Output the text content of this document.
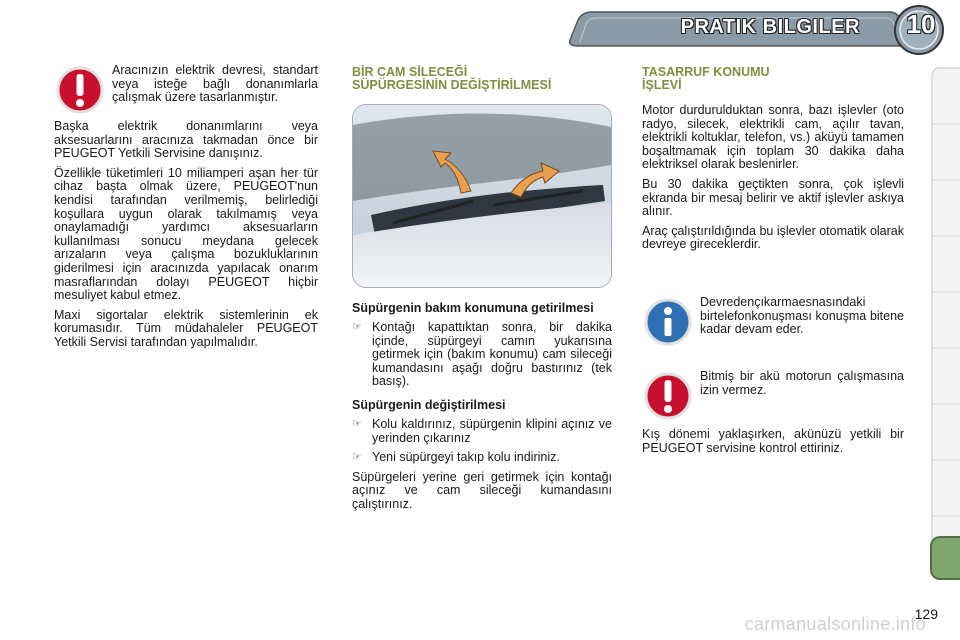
PRATIK BILGILER 10
Aracınızın elektrik devresi, standart veya isteğe bağlı donanımlarla çalışmak üzere tasarlanmıştır.

Başka elektrik donanımlarını veya aksesuarlarını aracınıza takmadan önce bir PEUGEOT Yetkili Servisine danışınız.

Özellikle tüketimleri 10 miliamperi aşan her tür cihaz başta olmak üzere, PEUGEOT'nun kendisi tarafından verilmemiş, belirlediği koşullara uygun olarak takılmamış veya onaylamadığı yardımcı aksesuarların kullanılması sonucu meydana gelecek arızaların veya çalışma bozukluklarının giderilmesi için aracınızda yapılacak onarım masraflarından dolayı PEUGEOT hiçbir mesuliyet kabul etmez.

Maxi sigortalar elektrik sistemlerinin ek korumasıdır. Tüm müdahaleler PEUGEOT Yetkili Servisi tarafından yapılmalıdır.

BİR CAM SİLECEĞİ
SÜPÜRGESİNİN DEĞİŞTİRİLMESİ
Süpürgenin bakım konumuna getirilmesi
☞ Kontağı kapattıktan sonra, bir dakika içinde, süpürgeyi camın yukarısına getirmek için (bakım konumu) cam sileceği kumandasını aşağı doğru bastırınız (tek basış).
Süpürgenin değiştirilmesi
☞ Kolu kaldırınız, süpürgenin klipini açınız ve yerinden çıkarınız
☞ Yeni süpürgeyi takıp kolu indiriniz.

Süpürgeleri yerine geri getirmek için kontağı açınız ve cam sileceği kumandasını çalıştırınız.

TASARRUF KONUMU
İŞLEVİ

Motor durdurulduktan sonra, bazı işlevler (oto radyo, silecek, elektrikli cam, açılır tavan, elektrikli koltuklar, telefon, vs.) aküyü tamamen boşaltmamak için toplam 30 dakika daha elektriksel olarak beslenirler.

Bu 30 dakika geçtikten sonra, çok işlevli ekranda bir mesaj belirir ve aktif işlevler askıya alınır.

Araç çalıştırıldığında bu işlevler otomatik olarak devreye gireceklerdir.

Devredençıkarmaesnasındaki birtelefonkonuşması konuşma bitene kadar devam eder.
Bitmiş bir akü motorun çalışmasına izin vermez.

Kış dönemi yaklaşırken, akünüzü yetkili bir PEUGEOT servisine kontrol ettiriniz.

carmanualsonline.info
129
